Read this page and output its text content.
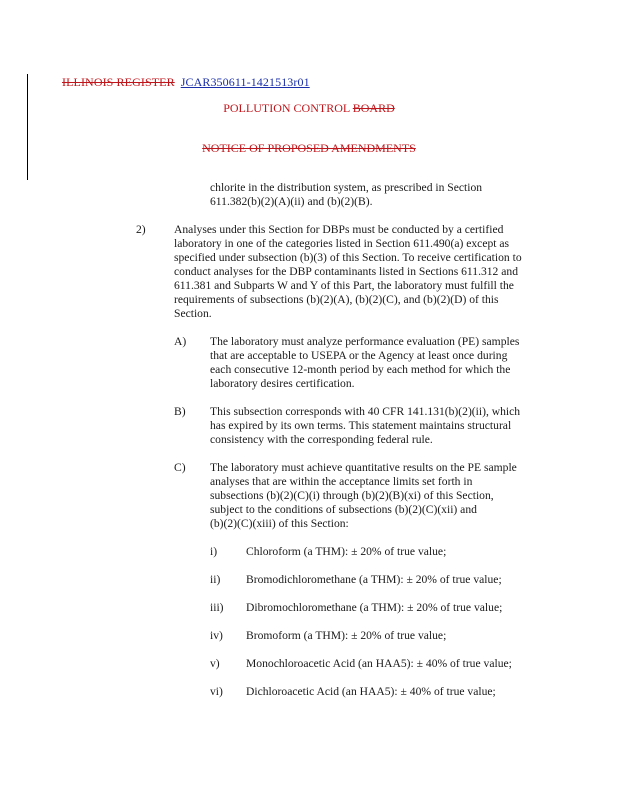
ILLINOIS REGISTER JCAR350611-1421513r01
POLLUTION CONTROL BOARD
NOTICE OF PROPOSED AMENDMENTS
chlorite in the distribution system, as prescribed in Section
611.382(b)(2)(A)(ii) and (b)(2)(B).
2) Analyses under this Section for DBPs must be conducted by a certified
laboratory in one of the categories listed in Section 611.490(a) except as
specified under subsection (b)(3) of this Section. To receive certification to
conduct analyses for the DBP contaminants listed in Sections 611.312 and
611.381 and Subparts W and Y of this Part, the laboratory must fulfill the
requirements of subsections (b)(2)(A), (b)(2)(C), and (b)(2)(D) of this
Section.
A) The laboratory must analyze performance evaluation (PE) samples
that are acceptable to USEPA or the Agency at least once during
each consecutive 12-month period by each method for which the
laboratory desires certification.
B) This subsection corresponds with 40 CFR 141.131(b)(2)(ii), which
has expired by its own terms. This statement maintains structural
consistency with the corresponding federal rule.
C) The laboratory must achieve quantitative results on the PE sample
analyses that are within the acceptance limits set forth in
subsections (b)(2)(C)(i) through (b)(2)(B)(xi) of this Section,
subject to the conditions of subsections (b)(2)(C)(xii) and
(b)(2)(C)(xiii) of this Section:
i) Chloroform (a THM): ± 20% of true value;
ii) Bromodichloromethane (a THM): ± 20% of true value;
iii) Dibromochloromethane (a THM): ± 20% of true value;
iv) Bromoform (a THM): ± 20% of true value;
v) Monochloroacetic Acid (an HAA5): ± 40% of true value;
vi) Dichloroacetic Acid (an HAA5): ± 40% of true value;
